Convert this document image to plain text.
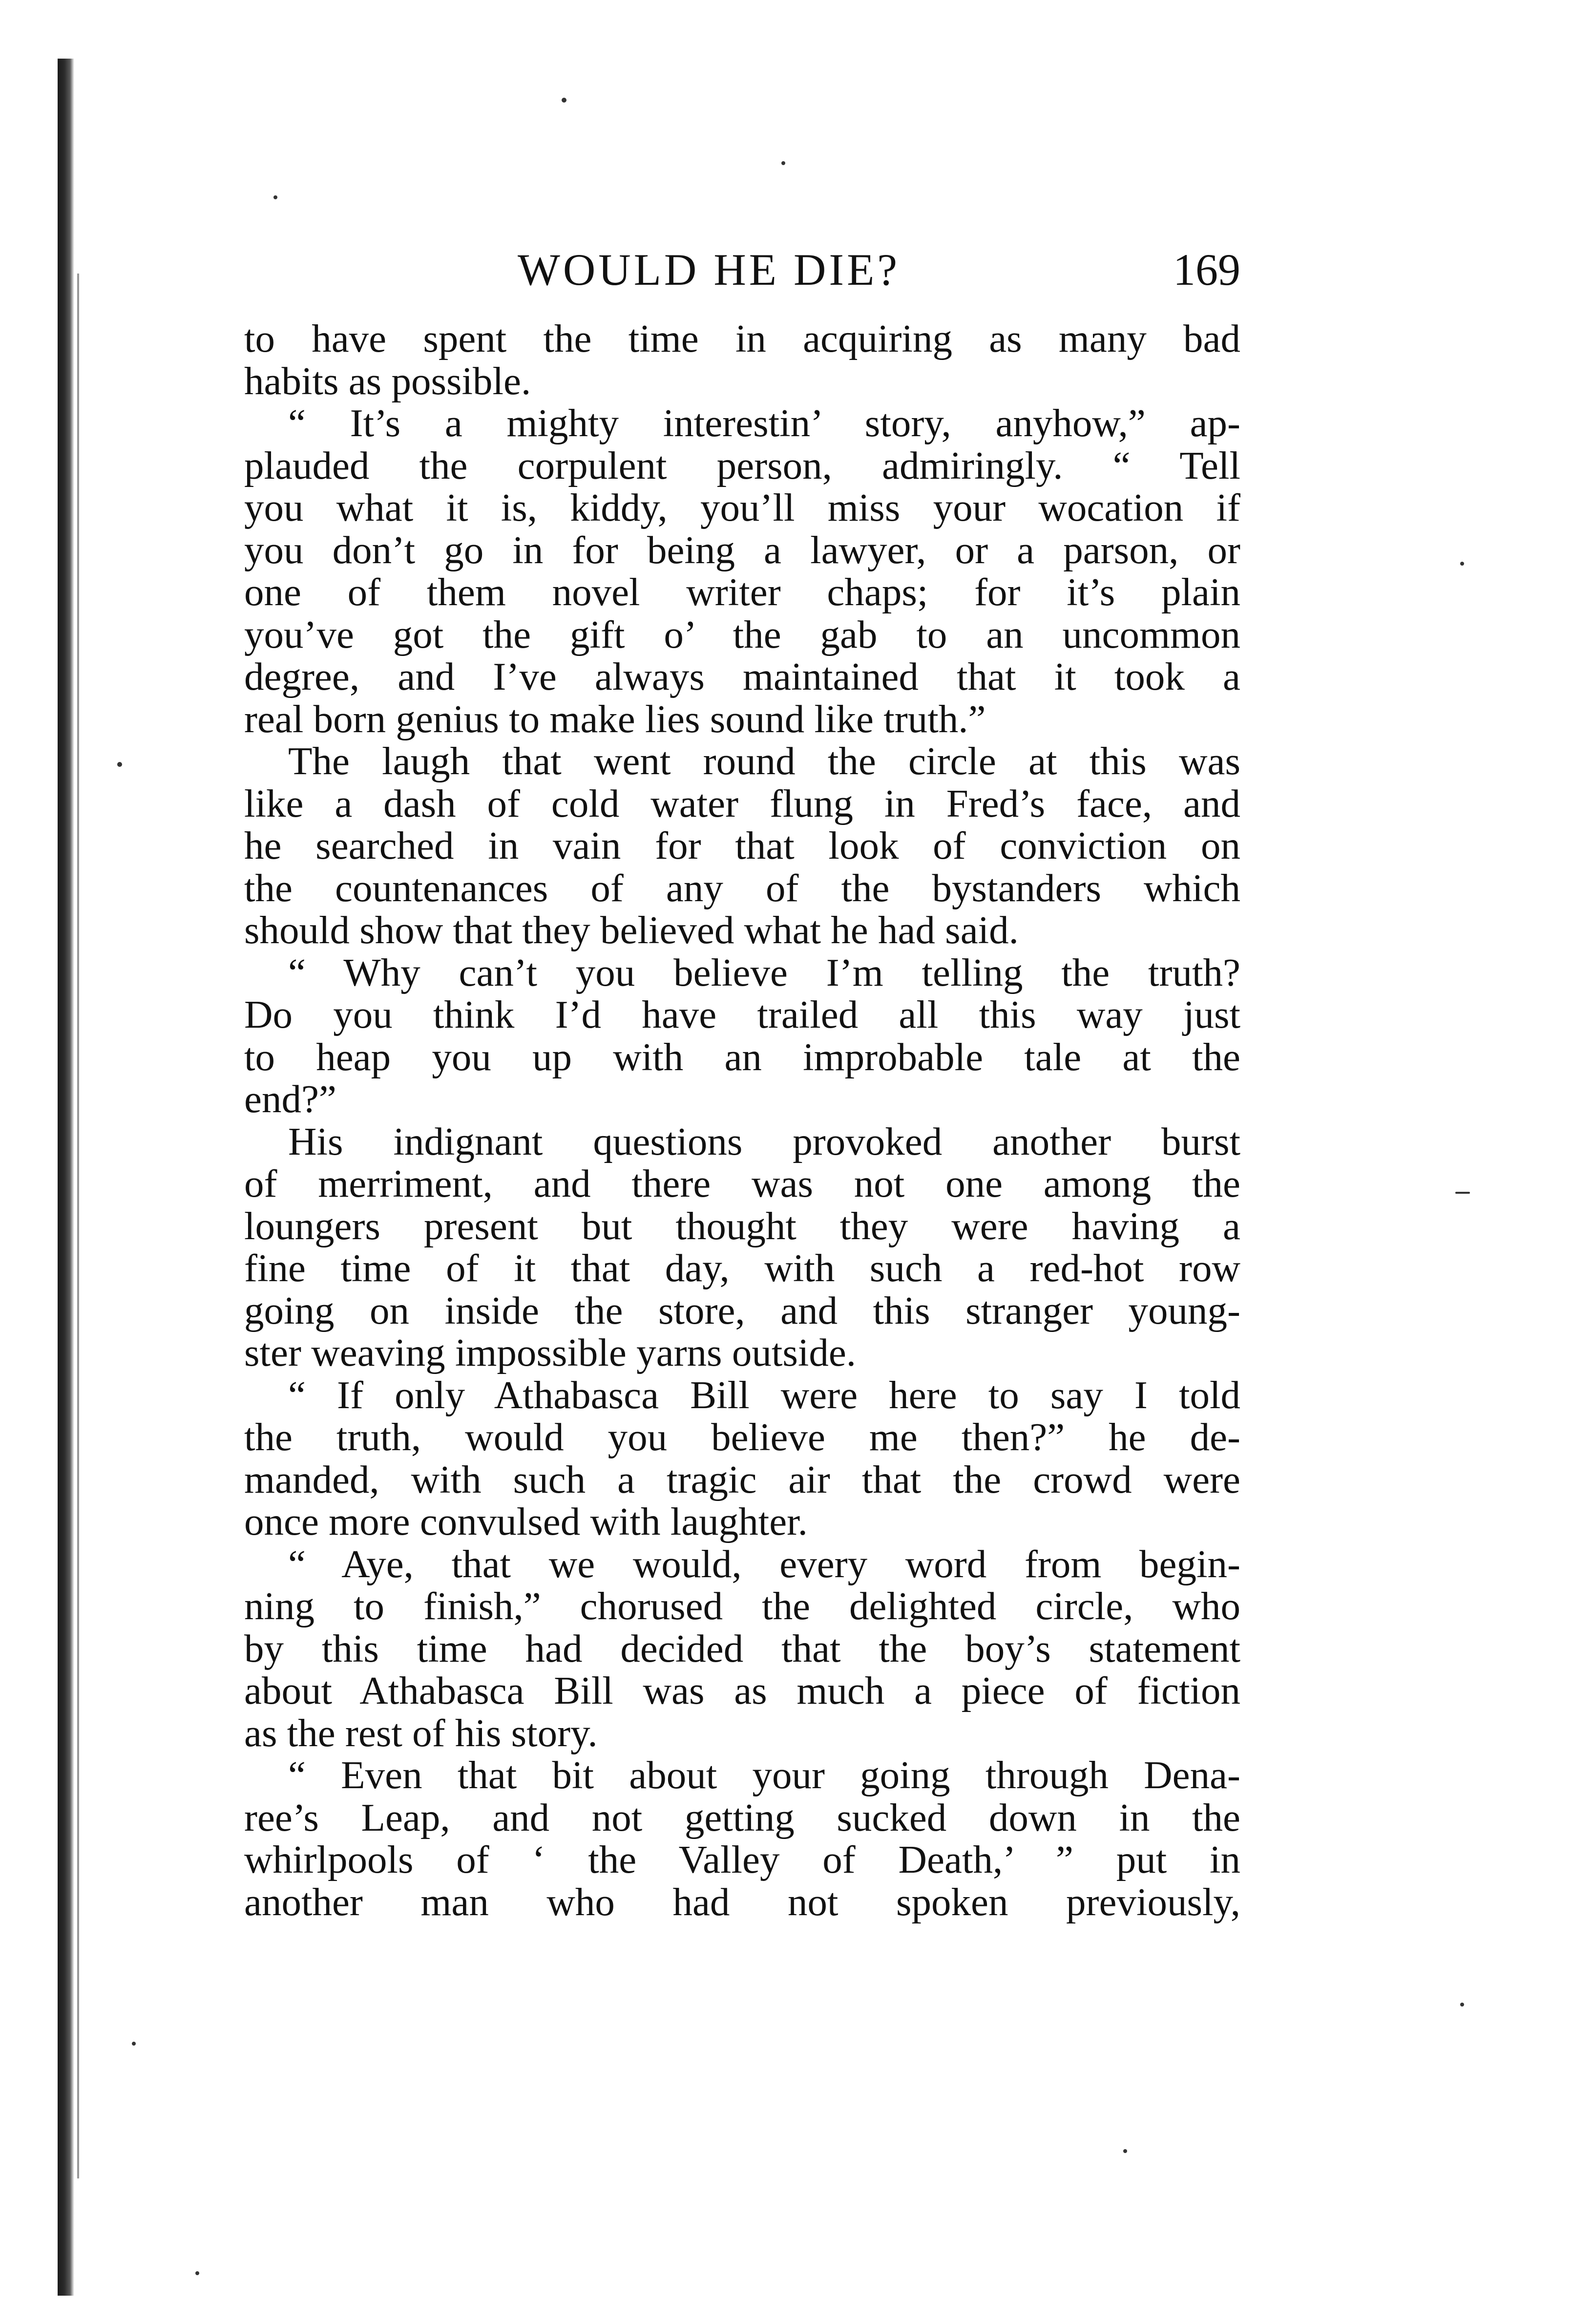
WOULD HE DIE?	169
to have spent the time in acquiring as many bad
habits as possible.
“ It’s a mighty interestin’ story, anyhow,” ap-
plauded the corpulent person, admiringly. “ Tell
you what it is, kiddy, you’ll miss your wocation if
you don’t go in for being a lawyer, or a parson, or
one of them novel writer chaps; for it’s plain
you’ve got the gift o’ the gab to an uncommon
degree, and I’ve always maintained that it took a
real born genius to make lies sound like truth.”
The laugh that went round the circle at this was
like a dash of cold water flung in Fred’s face, and
he searched in vain for that look of conviction on
the countenances of any of the bystanders which
should show that they believed what he had said.
“ Why can’t you believe I’m telling the truth?
Do you think I’d have trailed all this way just
to heap you up with an improbable tale at the
end?”
His indignant questions provoked another burst
of merriment, and there was not one among the
loungers present but thought they were having a
fine time of it that day, with such a red-hot row
going on inside the store, and this stranger young-
ster weaving impossible yarns outside.
“ If only Athabasca Bill were here to say I told
the truth, would you believe me then?” he de-
manded, with such a tragic air that the crowd were
once more convulsed with laughter.
“ Aye, that we would, every word from begin-
ning to finish,” chorused the delighted circle, who
by this time had decided that the boy’s statement
about Athabasca Bill was as much a piece of fiction
as the rest of his story.
“ Even that bit about your going through Dena-
ree’s Leap, and not getting sucked down in the
whirlpools of ‘ the Valley of Death,’ ” put in
another man who had not spoken previously,
